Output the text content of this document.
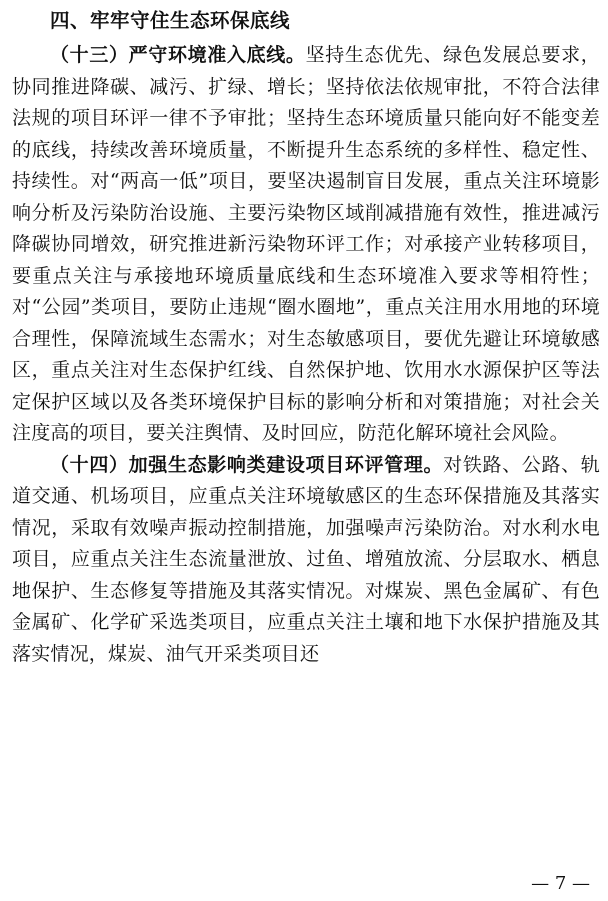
四、牢牢守住生态环保底线

（十三）严守环境准入底线。坚持生态优先、绿色发展总要求，协同推进降碳、减污、扩绿、增长；坚持依法依规审批，不符合法律法规的项目环评一律不予审批；坚持生态环境质量只能向好不能变差的底线，持续改善环境质量，不断提升生态系统的多样性、稳定性、持续性。对“两高一低”项目，要坚决遏制盲目发展，重点关注环境影响分析及污染防治设施、主要污染物区域削减措施有效性，推进减污降碳协同增效，研究推进新污染物环评工作；对承接产业转移项目，要重点关注与承接地环境质量底线和生态环境准入要求等相符性；对“公园”类项目，要防止违规“圈水圈地”，重点关注用水用地的环境合理性，保障流域生态需水；对生态敏感项目，要优先避让环境敏感区，重点关注对生态保护红线、自然保护地、饮用水水源保护区等法定保护区域以及各类环境保护目标的影响分析和对策措施；对社会关注度高的项目，要关注舆情、及时回应，防范化解环境社会风险。

（十四）加强生态影响类建设项目环评管理。对铁路、公路、轨道交通、机场项目，应重点关注环境敏感区的生态环保措施及其落实情况，采取有效噪声振动控制措施，加强噪声污染防治。对水利水电项目，应重点关注生态流量泄放、过鱼、增殖放流、分层取水、栖息地保护、生态修复等措施及其落实情况。对煤炭、黑色金属矿、有色金属矿、化学矿采选类项目，应重点关注土壤和地下水保护措施及其落实情况，煤炭、油气开采类项目还

— 7 —
